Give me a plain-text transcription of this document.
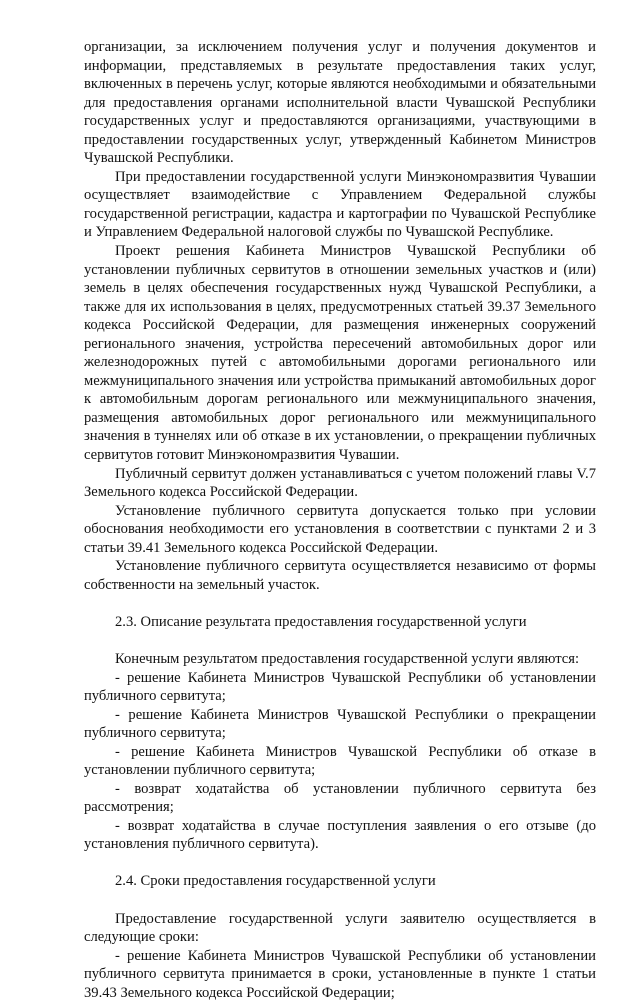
организации, за исключением получения услуг и получения документов и информации, представляемых в результате предоставления таких услуг, включенных в перечень услуг, которые являются необходимыми и обязательными для предоставления органами исполнительной власти Чувашской Республики государственных услуг и предоставляются организациями, участвующими в предоставлении государственных услуг, утвержденный Кабинетом Министров Чувашской Республики.

При предоставлении государственной услуги Минэкономразвития Чувашии осуществляет взаимодействие с Управлением Федеральной службы государственной регистрации, кадастра и картографии по Чувашской Республике и Управлением Федеральной налоговой службы по Чувашской Республике.

Проект решения Кабинета Министров Чувашской Республики об установлении публичных сервитутов в отношении земельных участков и (или) земель в целях обеспечения государственных нужд Чувашской Республики, а также для их использования в целях, предусмотренных статьей 39.37 Земельного кодекса Российской Федерации, для размещения инженерных сооружений регионального значения, устройства пересечений автомобильных дорог или железнодорожных путей с автомобильными дорогами регионального или межмуниципального значения или устройства примыканий автомобильных дорог к автомобильным дорогам регионального или межмуниципального значения, размещения автомобильных дорог регионального или межмуниципального значения в туннелях или об отказе в их установлении, о прекращении публичных сервитутов готовит Минэкономразвития Чувашии.

Публичный сервитут должен устанавливаться с учетом положений главы V.7 Земельного кодекса Российской Федерации.

Установление публичного сервитута допускается только при условии обоснования необходимости его установления в соответствии с пунктами 2 и 3 статьи 39.41 Земельного кодекса Российской Федерации.

Установление публичного сервитута осуществляется независимо от формы собственности на земельный участок.

2.3. Описание результата предоставления государственной услуги

Конечным результатом предоставления государственной услуги являются:

- решение Кабинета Министров Чувашской Республики об установлении публичного сервитута;

- решение Кабинета Министров Чувашской Республики о прекращении публичного сервитута;

- решение Кабинета Министров Чувашской Республики об отказе в установлении публичного сервитута;

- возврат ходатайства об установлении публичного сервитута без рассмотрения;

- возврат ходатайства в случае поступления заявления о его отзыве (до установления публичного сервитута).

2.4. Сроки предоставления государственной услуги

Предоставление государственной услуги заявителю осуществляется в следующие сроки:

- решение Кабинета Министров Чувашской Республики об установлении публичного сервитута принимается в сроки, установленные в пункте 1 статьи 39.43 Земельного кодекса Российской Федерации;
